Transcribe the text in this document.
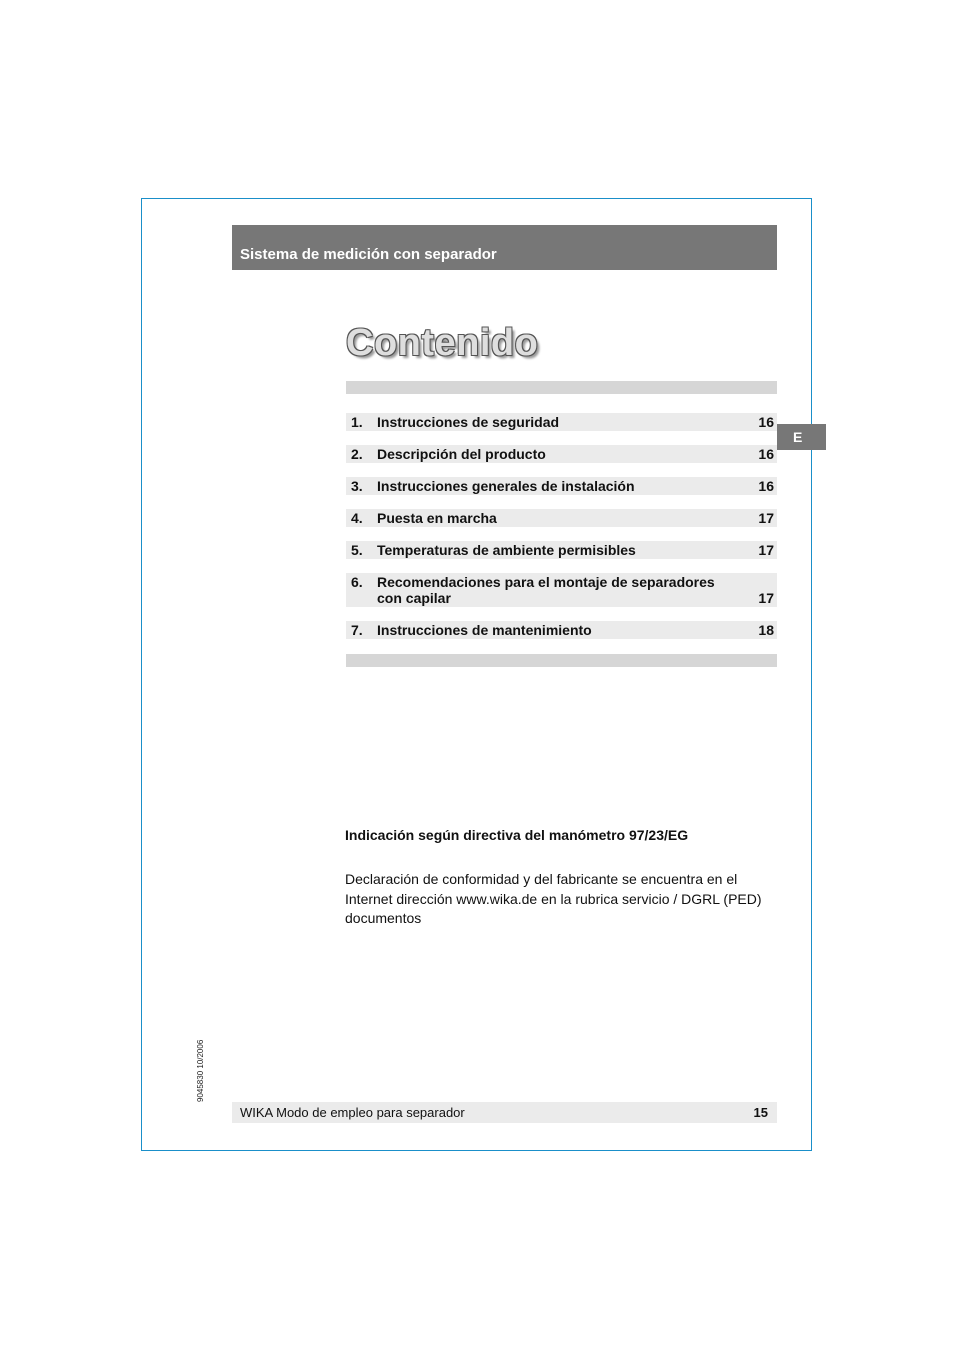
Sistema de medición con separador
Contenido
1. Instrucciones de seguridad	16
2. Descripción del producto	16
3. Instrucciones generales de instalación	16
4. Puesta en marcha	17
5. Temperaturas de ambiente permisibles	17
6. Recomendaciones para el montaje de separadores con capilar	17
7. Instrucciones de mantenimiento	18
E
Indicación según directiva del manómetro 97/23/EG
Declaración de conformidad y del fabricante se encuentra en el Internet dirección www.wika.de en la rubrica servicio / DGRL (PED) documentos
9045830 10/2006
WIKA Modo de empleo para separador	15
